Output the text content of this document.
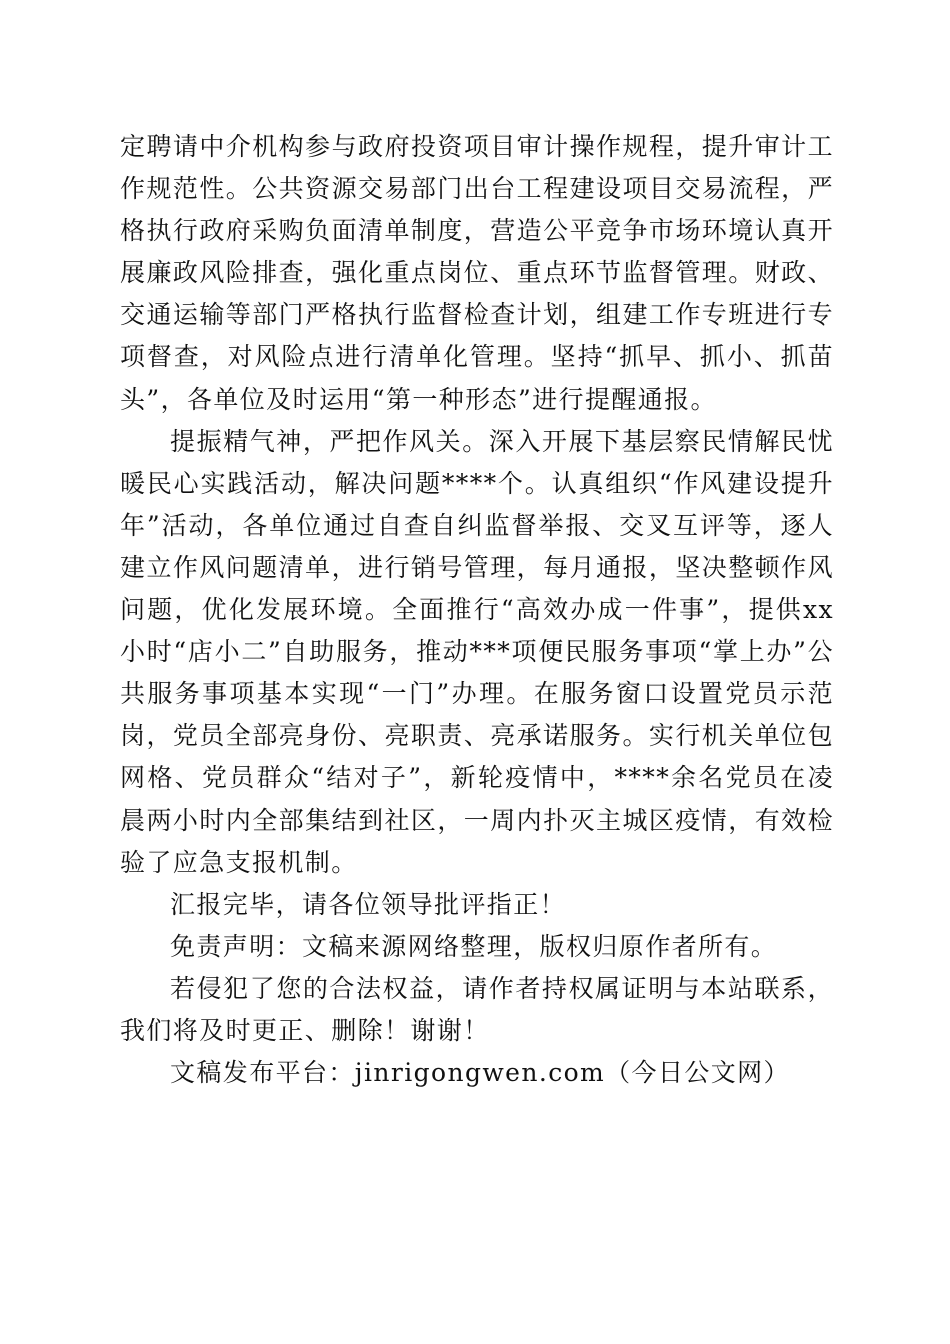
定聘请中介机构参与政府投资项目审计操作规程，提升审计工作规范性。公共资源交易部门出台工程建设项目交易流程，严格执行政府采购负面清单制度，营造公平竞争市场环境认真开展廉政风险排查，强化重点岗位、重点环节监督管理。财政、交通运输等部门严格执行监督检查计划，组建工作专班进行专项督查，对风险点进行清单化管理。坚持“抓早、抓小、抓苗头”，各单位及时运用“第一种形态”进行提醒通报。

提振精气神，严把作风关。深入开展下基层察民情解民忧暖民心实践活动，解决问题****个。认真组织“作风建设提升年”活动，各单位通过自查自纠监督举报、交叉互评等，逐人建立作风问题清单，进行销号管理，每月通报，坚决整顿作风问题，优化发展环境。全面推行“高效办成一件事”，提供xx小时“店小二”自助服务，推动***项便民服务事项“掌上办”公共服务事项基本实现“一门”办理。在服务窗口设置党员示范岗，党员全部亮身份、亮职责、亮承诺服务。实行机关单位包网格、党员群众“结对子”，新轮疫情中，****余名党员在凌晨两小时内全部集结到社区，一周内扑灭主城区疫情，有效检验了应急支报机制。

汇报完毕，请各位领导批评指正！

免责声明：文稿来源网络整理，版权归原作者所有。

若侵犯了您的合法权益，请作者持权属证明与本站联系，我们将及时更正、删除！谢谢！

文稿发布平台：jinrigongwen.com（今日公文网）
